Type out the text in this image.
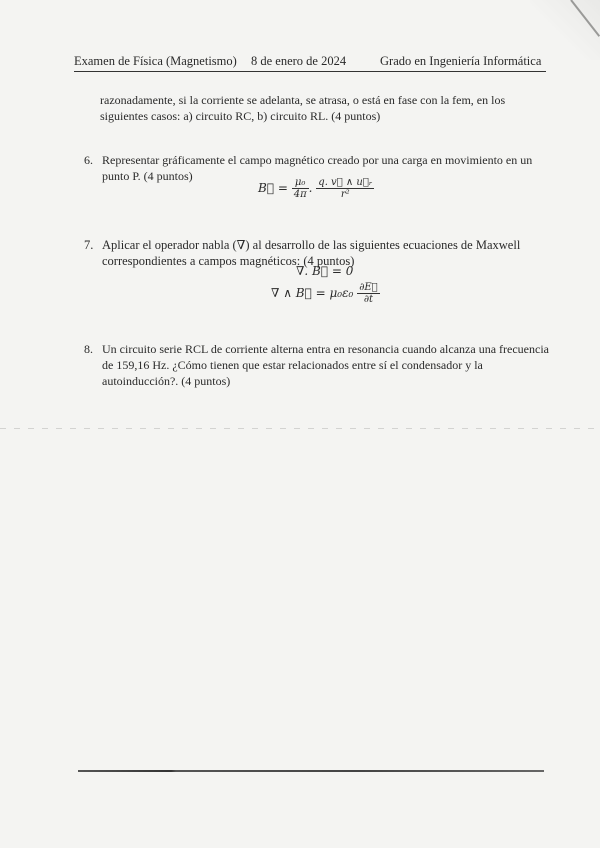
Examen de Física (Magnetismo) 8 de enero de 2024	Grado en Ingeniería Informática
razonadamente, si la corriente se adelanta, se atrasa, o está en fase con la fem, en los siguientes casos: a) circuito RC, b) circuito RL. (4 puntos)
6. Representar gráficamente el campo magnético creado por una carga en movimiento en un punto P. (4 puntos)
B⃗ = $\frac{\text{μ₀}}{4\pi}$ . $\frac{\text{q. v⃗ ∧ u⃗ᵣ}}{\text{r²}}$
7. Aplicar el operador nabla (∇) al desarrollo de las siguientes ecuaciones de Maxwell correspondientes a campos magnéticos: (4 puntos)
∇. B⃗ = 0
∇ ∧ B⃗ = $\mu_0\varepsilon_0 \frac{\partial E⃗}{\partial t}$
8. Un circuito serie RCL de corriente alterna entra en resonancia cuando alcanza una frecuencia de 159,16 Hz. ¿Cómo tienen que estar relacionados entre sí el condensador y la autoinducción?. (4 puntos)
